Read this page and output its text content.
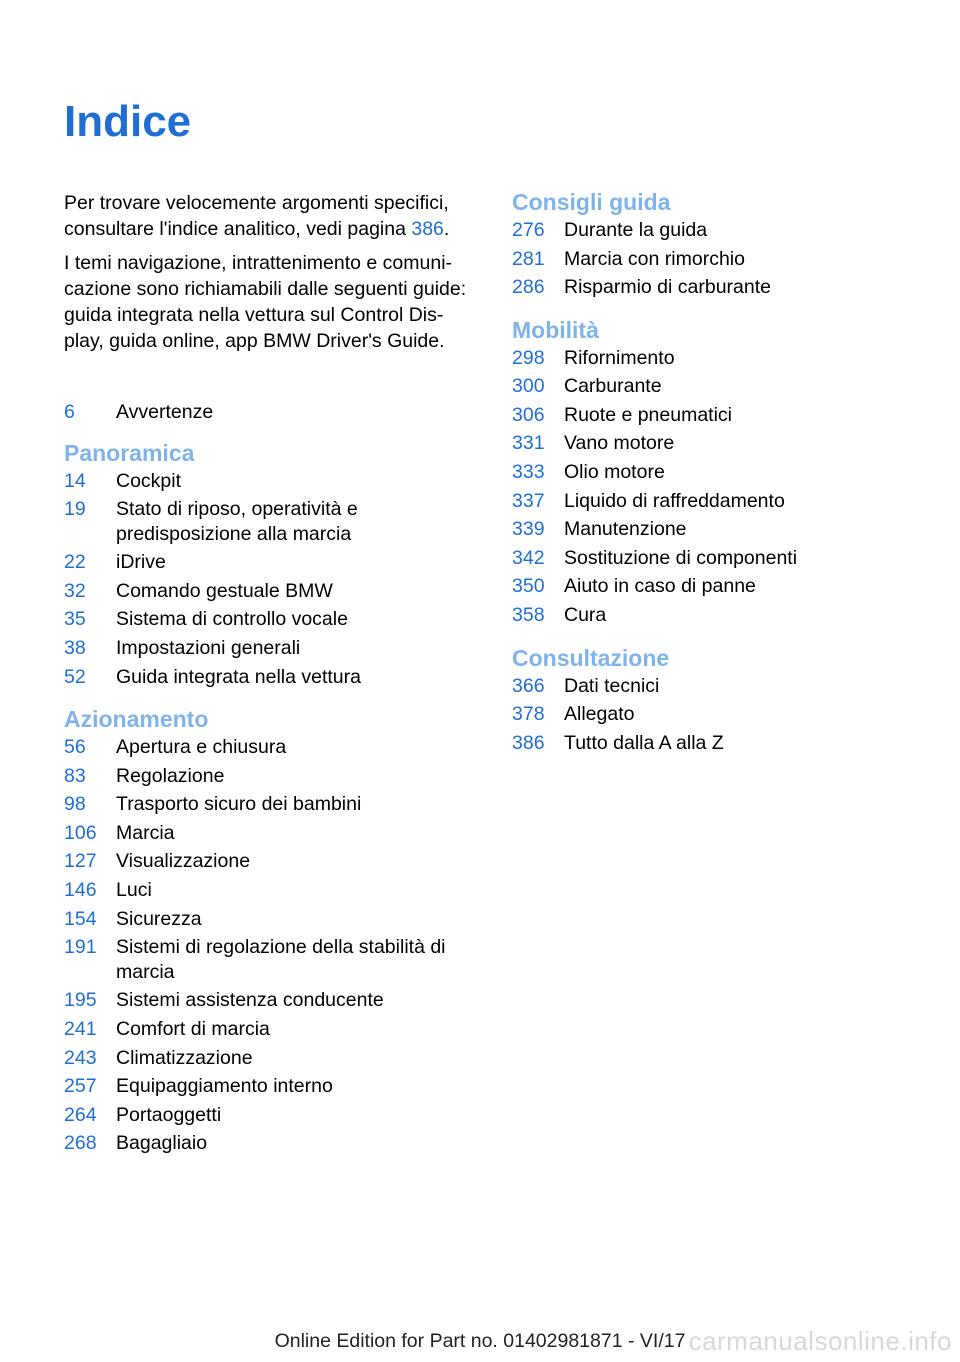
Indice

Per trovare velocemente argomenti specifici, consultare l'indice analitico, vedi pagina 386.

I temi navigazione, intrattenimento e comuni-cazione sono richiamabili dalle seguenti guide: guida integrata nella vettura sul Control Dis-play, guida online, app BMW Driver's Guide.

6	Avvertenze
Panoramica
14	Cockpit
19	Stato di riposo, operatività e predisposizione alla marcia
22	iDrive
32	Comando gestuale BMW
35	Sistema di controllo vocale
38	Impostazioni generali
52	Guida integrata nella vettura
Azionamento
56	Apertura e chiusura
83	Regolazione
98	Trasporto sicuro dei bambini
106 Marcia
127 Visualizzazione
146 Luci
154 Sicurezza
191 Sistemi di regolazione della stabilità di marcia
195 Sistemi assistenza conducente
241 Comfort di marcia
243 Climatizzazione
257 Equipaggiamento interno
264 Portaoggetti
268 Bagagliaio
Consigli guida
276 Durante la guida
281 Marcia con rimorchio
286 Risparmio di carburante
Mobilità
298 Rifornimento
300 Carburante
306 Ruote e pneumatici
331 Vano motore
333 Olio motore
337 Liquido di raffreddamento
339 Manutenzione
342 Sostituzione di componenti
350 Aiuto in caso di panne
358 Cura
Consultazione
366 Dati tecnici
378 Allegato
386 Tutto dalla A alla Z
Online Edition for Part no. 01402981871 - VI/17 carmanualsonline.info
